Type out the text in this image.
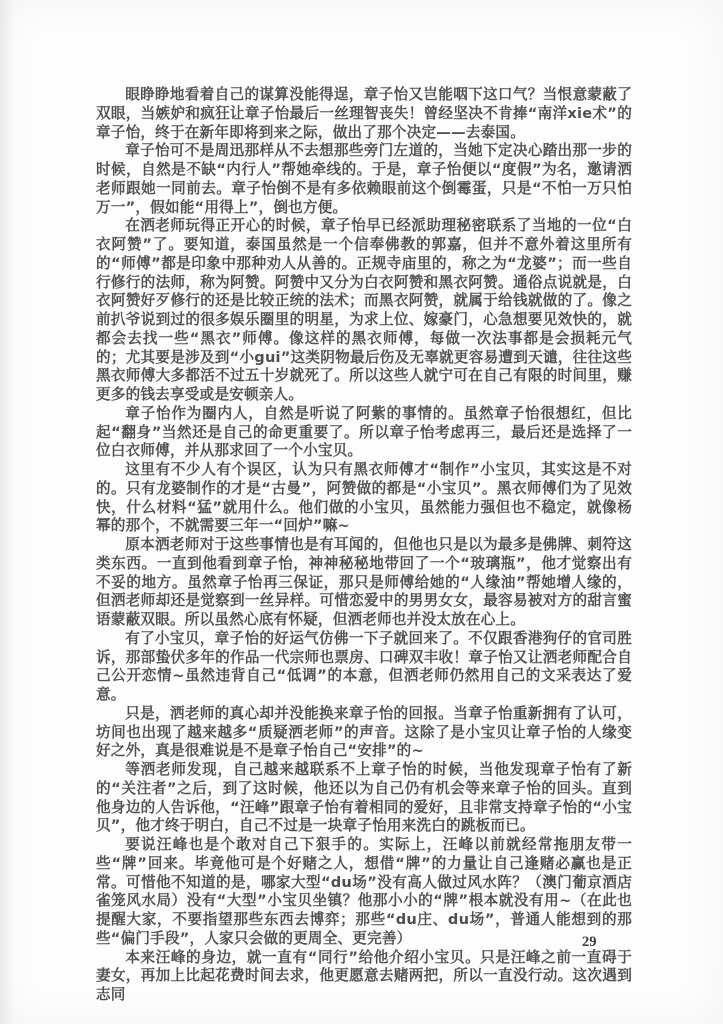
眼睁睁地看着自己的谋算没能得逞，章子怡又岂能咽下这口气？当恨意蒙蔽了双眼，当嫉妒和疯狂让章子怡最后一丝理智丧失！曾经坚决不肯捧“南洋xie术”的章子怡，终于在新年即将到来之际，做出了那个决定——去泰国。

章子怡可不是周迅那样从不去想那些旁门左道的，当她下定决心踏出那一步的时候，自然是不缺“内行人”帮她牵线的。于是，章子怡便以“度假”为名，邀请洒老师跟她一同前去。章子怡倒不是有多依赖眼前这个倒霉蛋，只是“不怕一万只怕万一”，假如能“用得上”，倒也方便。

在洒老师玩得正开心的时候，章子怡早已经派助理秘密联系了当地的一位“白衣阿赞”了。要知道，泰国虽然是一个信奉佛教的郭嘉，但并不意外着这里所有的“师傅”都是印象中那种劝人从善的。正规寺庙里的，称之为“龙婆”；而一些自行修行的法师，称为阿赞。阿赞中又分为白衣阿赞和黑衣阿赞。通俗点说就是，白衣阿赞好歹修行的还是比较正统的法术；而黑衣阿赞，就属于给钱就做的了。像之前扒爷说到过的很多娱乐圈里的明星，为求上位、嫁豪门，心急想要见效快的，就都会去找一些“黑衣”师傅。像这样的黑衣师傅，每做一次法事都是会损耗元气的；尤其要是涉及到“小gui”这类阴物最后伤及无辜就更容易遭到天谴，往往这些黑衣师傅大多都活不过五十岁就死了。所以这些人就宁可在自己有限的时间里，赚更多的钱去享受或是安顿亲人。

章子怡作为圈内人，自然是听说了阿紫的事情的。虽然章子怡很想红，但比起“翻身”当然还是自己的命更重要了。所以章子怡考虑再三，最后还是选择了一位白衣师傅，并从那求回了一个小宝贝。

这里有不少人有个误区，认为只有黑衣师傅才“制作”小宝贝，其实这是不对的。只有龙婆制作的才是“古曼”，阿赞做的都是“小宝贝”。黑衣师傅们为了见效快，什么材料“猛”就用什么。他们做的小宝贝，虽然能力强但也不稳定，就像杨幂的那个，不就需要三年一“回炉”嘛~

原本洒老师对于这些事情也是有耳闻的，但他也只是以为最多是佛牌、刺符这类东西。一直到他看到章子怡，神神秘秘地带回了一个“玻璃瓶”，他才觉察出有不妥的地方。虽然章子怡再三保证，那只是师傅给她的“人缘油”帮她增人缘的，但洒老师却还是觉察到一丝异样。可惜恋爱中的男男女女，最容易被对方的甜言蜜语蒙蔽双眼。所以虽然心底有怀疑，但洒老师也并没太放在心上。

有了小宝贝，章子怡的好运气仿佛一下子就回来了。不仅跟香港狗仔的官司胜诉，那部蛰伏多年的作品一代宗师也票房、口碑双丰收！章子怡又让洒老师配合自己公开恋情~虽然违背自己“低调”的本意，但洒老师仍然用自己的文采表达了爱意。

只是，洒老师的真心却并没能换来章子怡的回报。当章子怡重新拥有了认可，坊间也出现了越来越多“质疑洒老师”的声音。这除了是小宝贝让章子怡的人缘变好之外，真是很难说是不是章子怡自己“安排”的~

等洒老师发现，自己越来越联系不上章子怡的时候，当他发现章子怡有了新的“关注者”之后，到了这时候，他还以为自己仍有机会等来章子怡的回头。直到他身边的人告诉他，“汪峰”跟章子怡有着相同的爱好，且非常支持章子怡的“小宝贝”，他才终于明白，自己不过是一块章子怡用来洗白的跳板而已。

要说汪峰也是个敢对自己下狠手的。实际上，汪峰以前就经常拖朋友带一些“牌”回来。毕竟他可是个好赌之人，想借“牌”的力量让自己逢赌必赢也是正常。可惜他不知道的是，哪家大型“du场”没有高人做过风水阵？（澳门葡京酒店雀笼风水局）没有“大型”小宝贝坐镇？他那小小的“牌”根本就没有用~（在此也提醒大家，不要指望那些东西去博弈；那些“du庄、du场”，普通人能想到的那些“偏门手段”，人家只会做的更周全、更完善）

本来汪峰的身边，就一直有“同行”给他介绍小宝贝。只是汪峰之前一直碍于妻女，再加上比起花费时间去求，他更愿意去赌两把，所以一直没行动。这次遇到志同

29
